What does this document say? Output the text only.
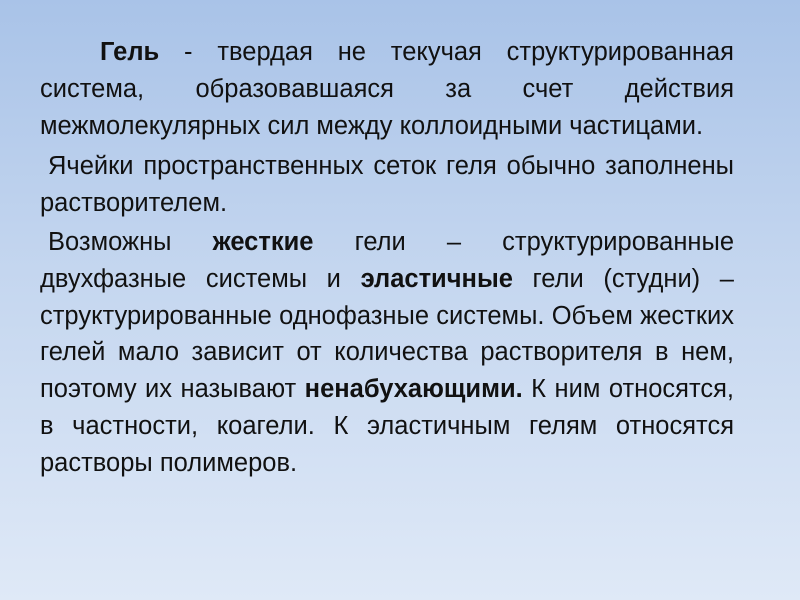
Гель - твердая не текучая структурированная система, образовавшаяся за счет действия межмолекулярных сил между коллоидными частицами.

Ячейки пространственных сеток геля обычно заполнены растворителем.

Возможны жесткие гели – структурированные двухфазные системы и эластичные гели (студни) – структурированные однофазные системы. Объем жестких гелей мало зависит от количества растворителя в нем, поэтому их называют ненабухающими. К ним относятся, в частности, коагели. К эластичным гелям относятся растворы полимеров.
